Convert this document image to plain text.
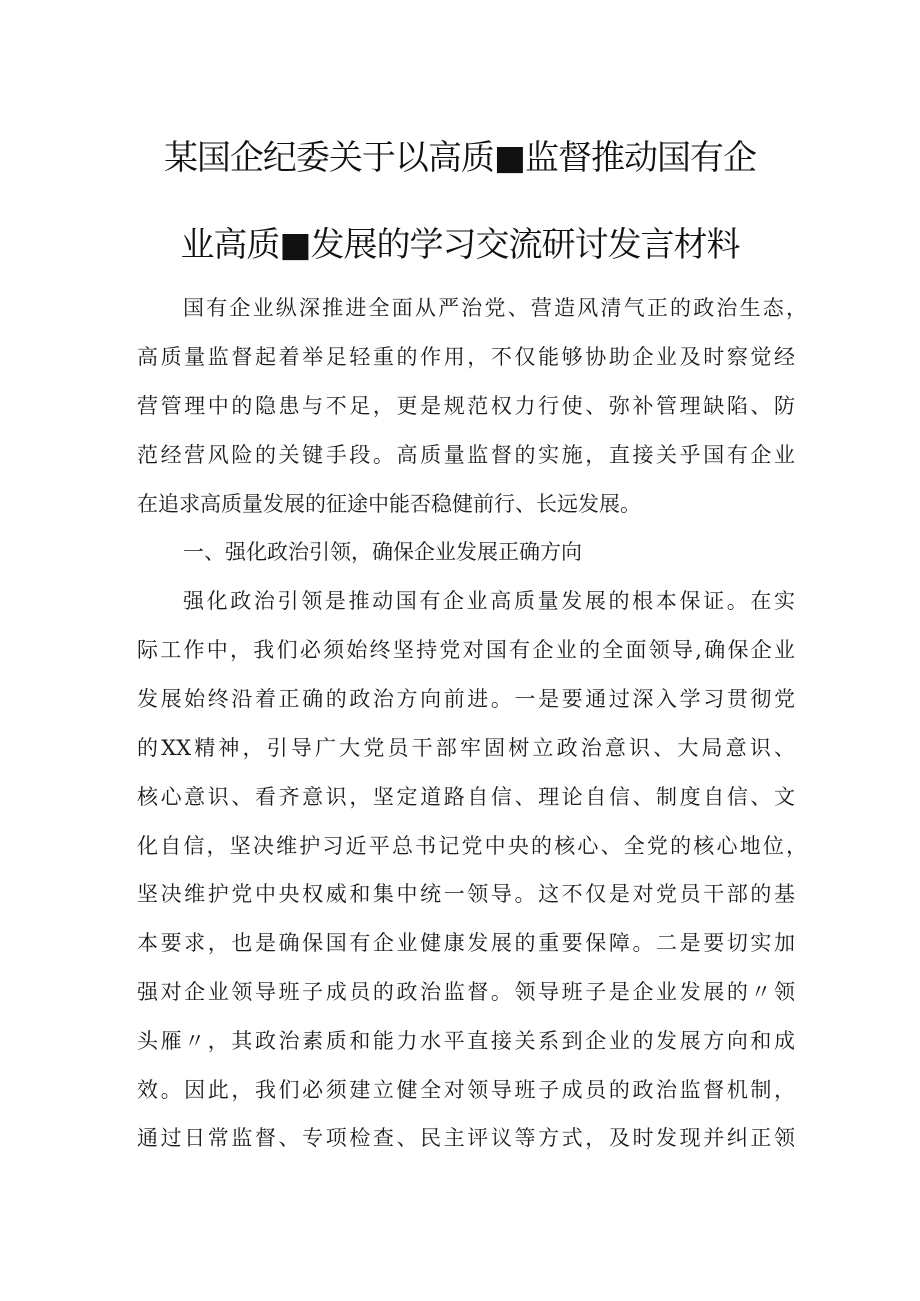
某国企纪委关于以高质■监督推动国有企
业高质■发展的学习交流研讨发言材料
国有企业纵深推进全面从严治党、营造风清气正的政治生态，
高质量监督起着举足轻重的作用，不仅能够协助企业及时察觉经
营管理中的隐患与不足，更是规范权力行使、弥补管理缺陷、防
范经营风险的关键手段。高质量监督的实施，直接关乎国有企业
在追求高质量发展的征途中能否稳健前行、长远发展。
一、强化政治引领，确保企业发展正确方向
强化政治引领是推动国有企业高质量发展的根本保证。在实
际工作中，我们必须始终坚持党对国有企业的全面领导,确保企业
发展始终沿着正确的政治方向前进。一是要通过深入学习贯彻党
的XX精神，引导广大党员干部牢固树立政治意识、大局意识、
核心意识、看齐意识，坚定道路自信、理论自信、制度自信、文
化自信，坚决维护习近平总书记党中央的核心、全党的核心地位，
坚决维护党中央权威和集中统一领导。这不仅是对党员干部的基
本要求，也是确保国有企业健康发展的重要保障。二是要切实加
强对企业领导班子成员的政治监督。领导班子是企业发展的〃领
头雁〃，其政治素质和能力水平直接关系到企业的发展方向和成
效。因此，我们必须建立健全对领导班子成员的政治监督机制，
通过日常监督、专项检查、民主评议等方式，及时发现并纠正领
